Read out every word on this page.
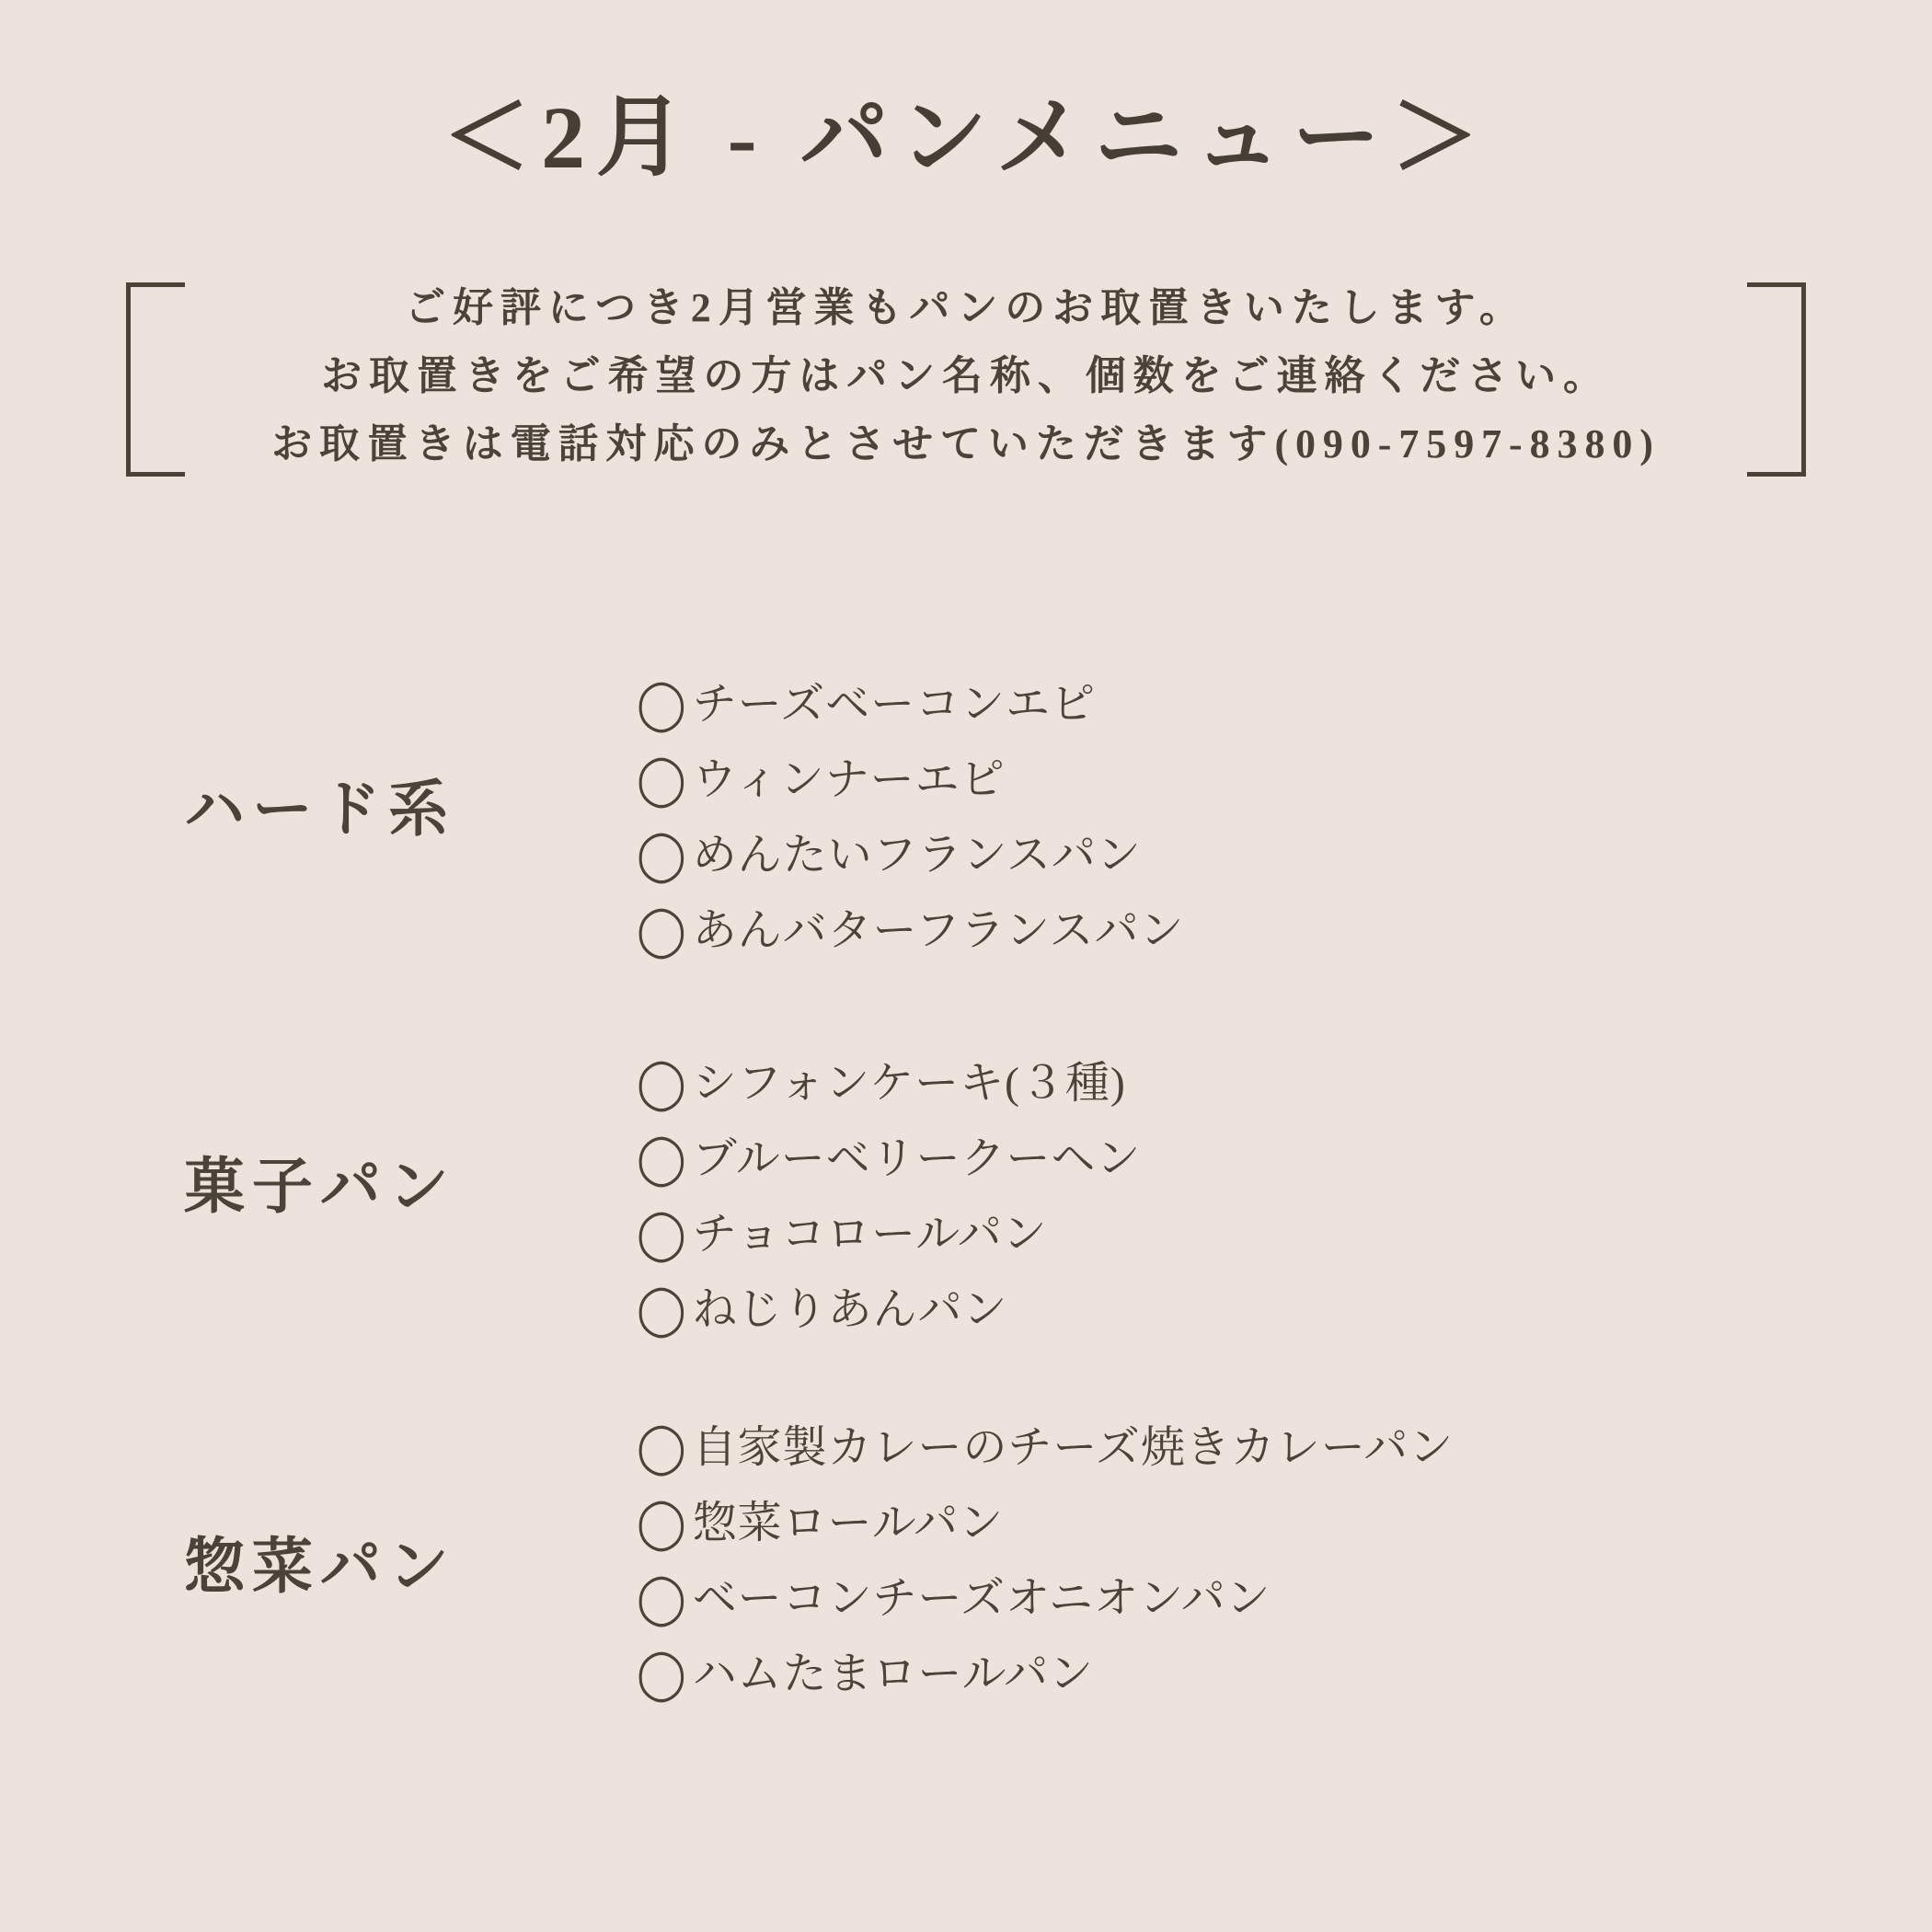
＜2月 - パンメニュー＞
ご好評につき2月営業もパンのお取置きいたします。
お取置きをご希望の方はパン名称、個数をご連絡ください。
お取置きは電話対応のみとさせていただきます(090-7597-8380)
ハード系
◯ チーズベーコンエピ
◯ ウィンナーエピ
◯ めんたいフランスパン
◯ あんバターフランスパン
菓子パン
◯ シフォンケーキ(３種)
◯ ブルーベリークーヘン
◯ チョコロールパン
◯ ねじりあんパン
惣菜パン
◯ 自家製カレーのチーズ焼きカレーパン
◯ 惣菜ロールパン
◯ ベーコンチーズオニオンパン
◯ ハムたまロールパン
